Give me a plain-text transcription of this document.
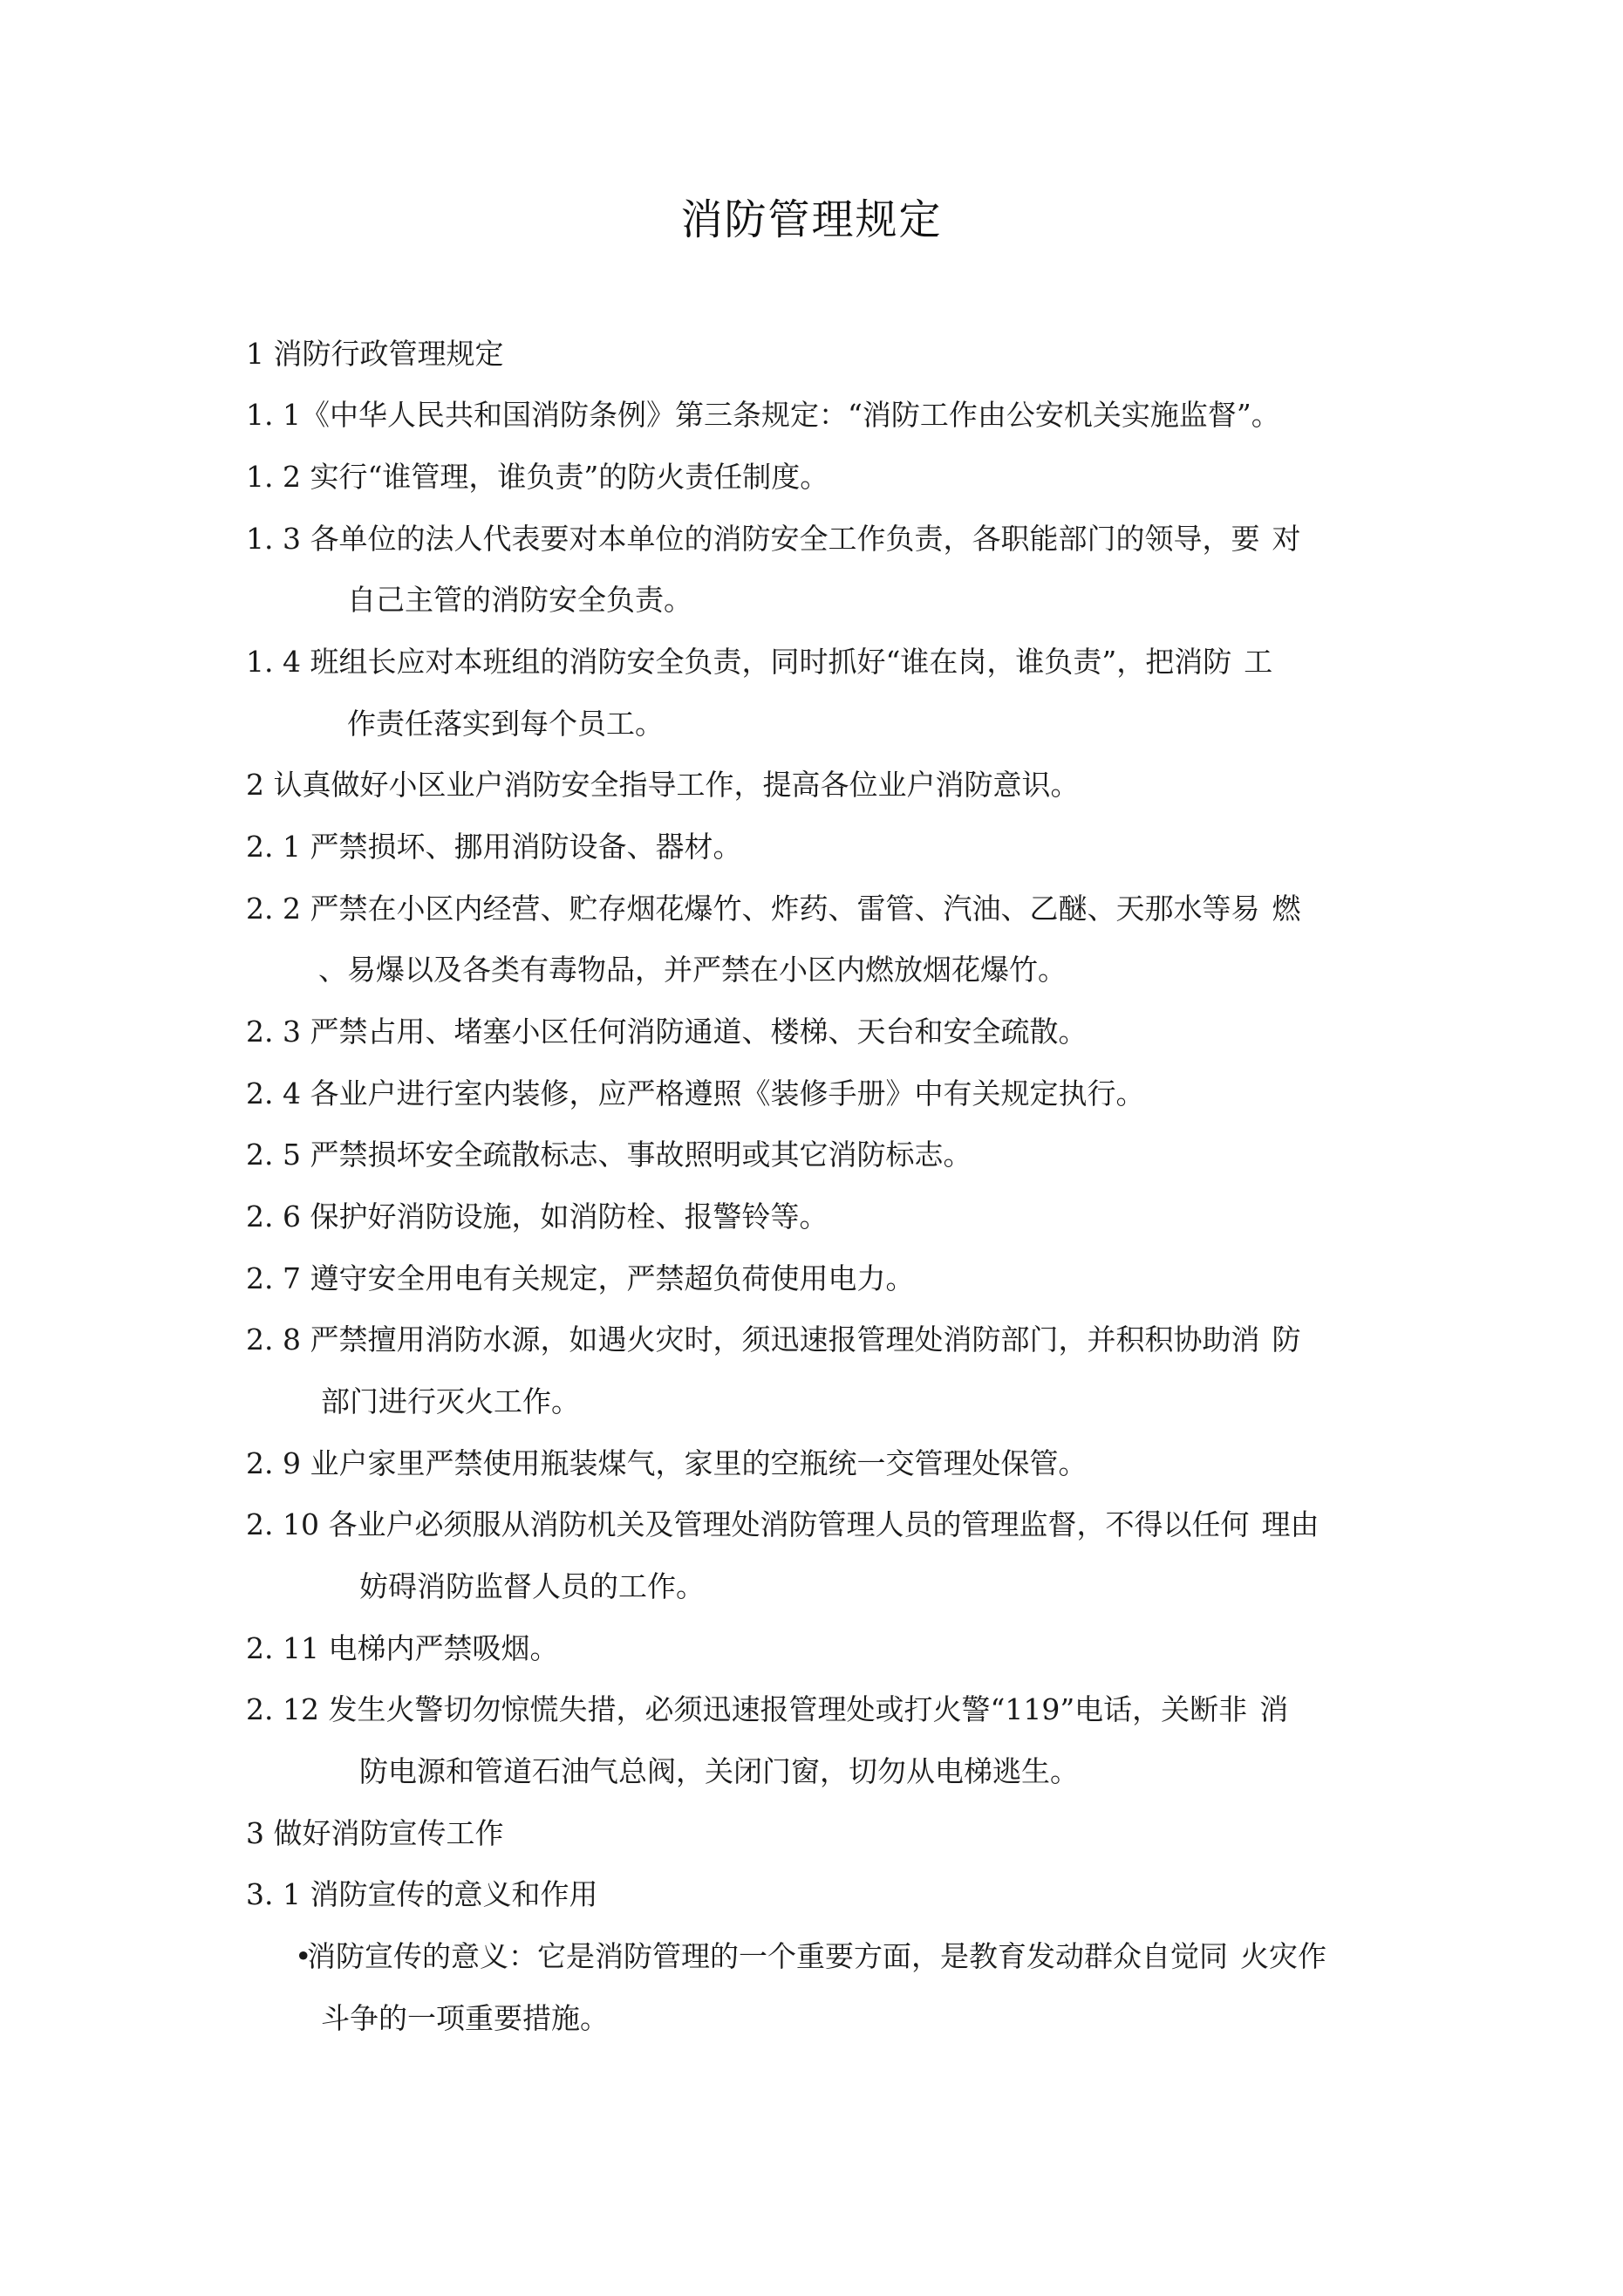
消防管理规定
1 消防行政管理规定
1. 1《中华人民共和国消防条例》第三条规定：“消防工作由公安机关实施监督”。
1. 2 实行“谁管理，谁负责”的防火责任制度。
1. 3 各单位的法人代表要对本单位的消防安全工作负责，各职能部门的领导，要 对
自己主管的消防安全负责。
1. 4 班组长应对本班组的消防安全负责，同时抓好“谁在岗，谁负责”，把消防 工
作责任落实到每个员工。
2 认真做好小区业户消防安全指导工作，提高各位业户消防意识。
2. 1 严禁损坏、挪用消防设备、器材。
2. 2 严禁在小区内经营、贮存烟花爆竹、炸药、雷管、汽油、乙醚、天那水等易 燃
、易爆以及各类有毒物品，并严禁在小区内燃放烟花爆竹。
2. 3 严禁占用、堵塞小区任何消防通道、楼梯、天台和安全疏散。
2. 4 各业户进行室内装修，应严格遵照《装修手册》中有关规定执行。
2. 5 严禁损坏安全疏散标志、事故照明或其它消防标志。
2. 6 保护好消防设施，如消防栓、报警铃等。
2. 7 遵守安全用电有关规定，严禁超负荷使用电力。
2. 8 严禁擅用消防水源，如遇火灾时，须迅速报管理处消防部门，并积积协助消 防
部门进行灭火工作。
2. 9 业户家里严禁使用瓶装煤气，家里的空瓶统一交管理处保管。
2. 10 各业户必须服从消防机关及管理处消防管理人员的管理监督，不得以任何 理由
妨碍消防监督人员的工作。
2. 11 电梯内严禁吸烟。
2. 12 发生火警切勿惊慌失措，必须迅速报管理处或打火警“119”电话，关断非 消
防电源和管道石油气总阀，关闭门窗，切勿从电梯逃生。
3 做好消防宣传工作
3. 1 消防宣传的意义和作用
•消防宣传的意义：它是消防管理的一个重要方面，是教育发动群众自觉同 火灾作
斗争的一项重要措施。
